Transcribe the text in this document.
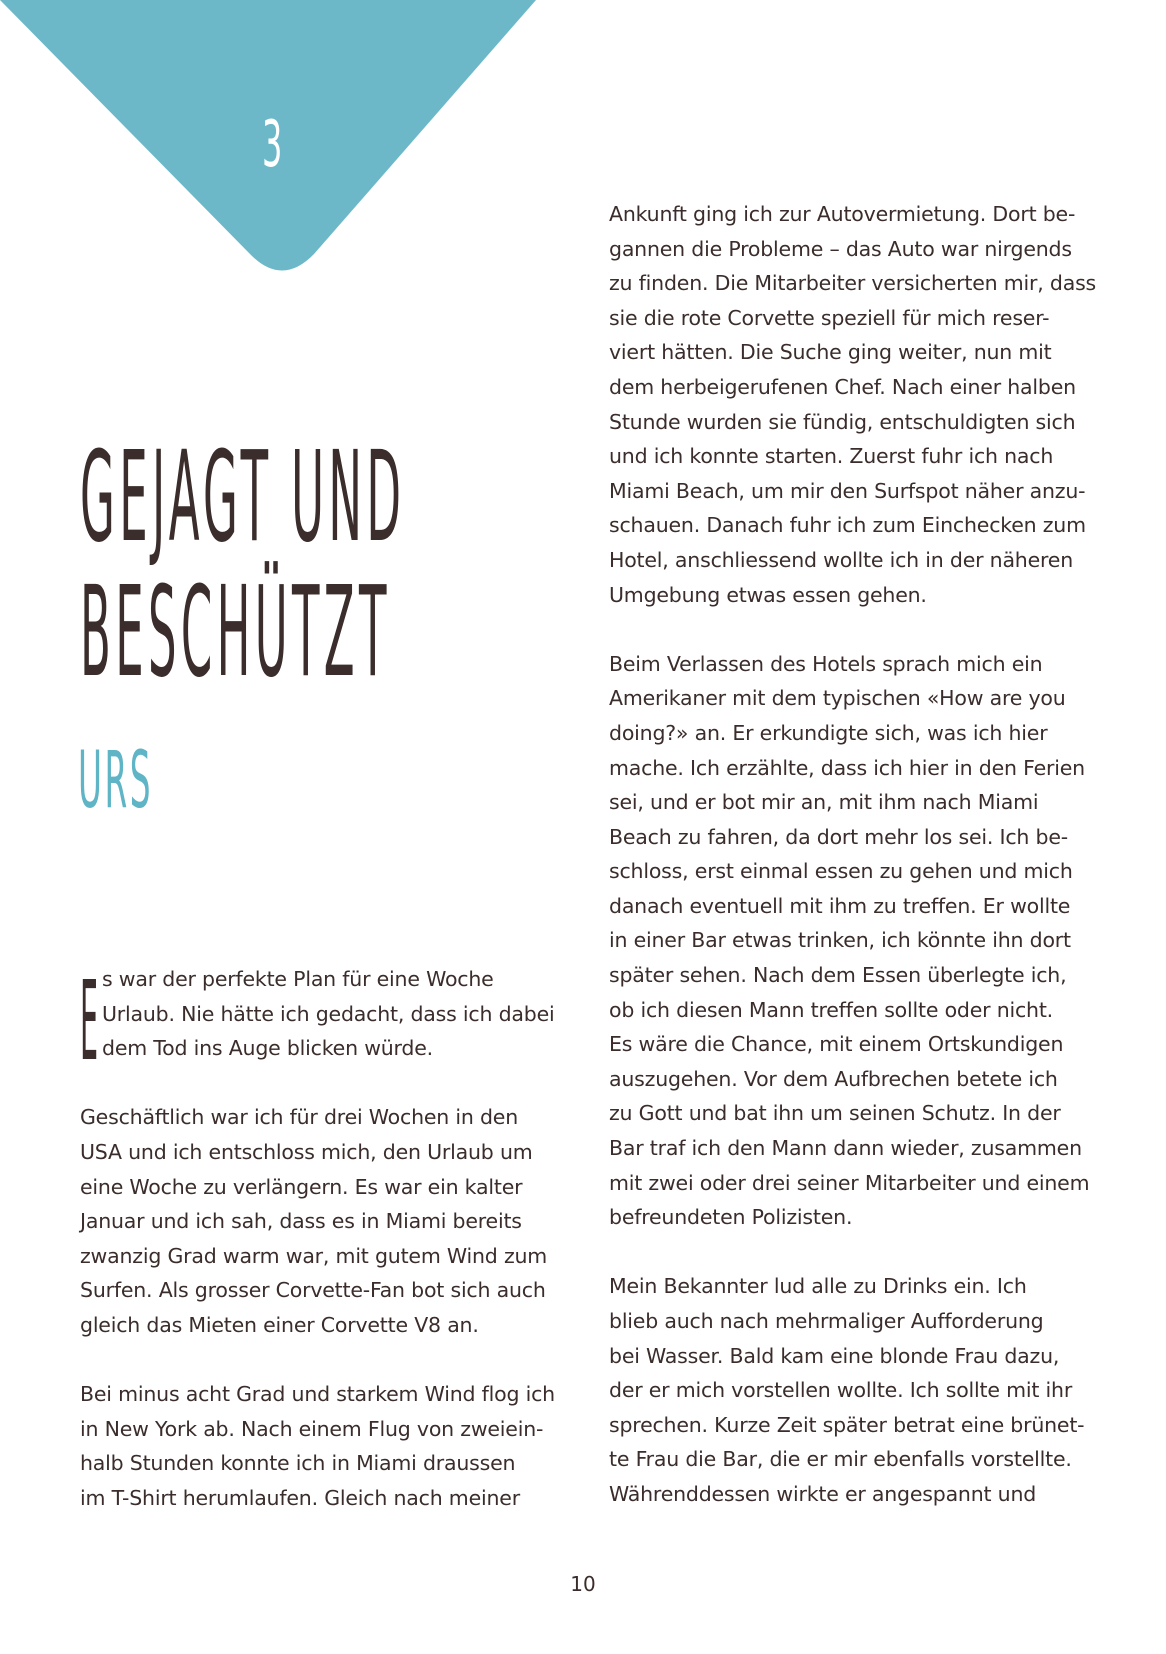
3
GEJAGT UND
BESCHÜTZT
URS

E s war der perfekte Plan für eine Woche
Urlaub. Nie hätte ich gedacht, dass ich dabei
dem Tod ins Auge blicken würde.

Geschäftlich war ich für drei Wochen in den
USA und ich entschloss mich, den Urlaub um
eine Woche zu verlängern. Es war ein kalter
Januar und ich sah, dass es in Miami bereits
zwanzig Grad warm war, mit gutem Wind zum
Surfen. Als grosser Corvette-Fan bot sich auch
gleich das Mieten einer Corvette V8 an.

Bei minus acht Grad und starkem Wind flog ich
in New York ab. Nach einem Flug von zweiein-
halb Stunden konnte ich in Miami draussen
im T-Shirt herumlaufen. Gleich nach meiner

Ankunft ging ich zur Autovermietung. Dort be-
gannen die Probleme – das Auto war nirgends
zu finden. Die Mitarbeiter versicherten mir, dass
sie die rote Corvette speziell für mich reser-
viert hätten. Die Suche ging weiter, nun mit
dem herbeigerufenen Chef. Nach einer halben
Stunde wurden sie fündig, entschuldigten sich
und ich konnte starten. Zuerst fuhr ich nach
Miami Beach, um mir den Surfspot näher anzu-
schauen. Danach fuhr ich zum Einchecken zum
Hotel, anschliessend wollte ich in der näheren
Umgebung etwas essen gehen.

Beim Verlassen des Hotels sprach mich ein
Amerikaner mit dem typischen «How are you
doing?» an. Er erkundigte sich, was ich hier
mache. Ich erzählte, dass ich hier in den Ferien
sei, und er bot mir an, mit ihm nach Miami
Beach zu fahren, da dort mehr los sei. Ich be-
schloss, erst einmal essen zu gehen und mich
danach eventuell mit ihm zu treffen. Er wollte
in einer Bar etwas trinken, ich könnte ihn dort
später sehen. Nach dem Essen überlegte ich,
ob ich diesen Mann treffen sollte oder nicht.
Es wäre die Chance, mit einem Ortskundigen
auszugehen. Vor dem Aufbrechen betete ich
zu Gott und bat ihn um seinen Schutz. In der
Bar traf ich den Mann dann wieder, zusammen
mit zwei oder drei seiner Mitarbeiter und einem
befreundeten Polizisten.

Mein Bekannter lud alle zu Drinks ein. Ich
blieb auch nach mehrmaliger Aufforderung
bei Wasser. Bald kam eine blonde Frau dazu,
der er mich vorstellen wollte. Ich sollte mit ihr
sprechen. Kurze Zeit später betrat eine brünet-
te Frau die Bar, die er mir ebenfalls vorstellte.
Währenddessen wirkte er angespannt und

10
